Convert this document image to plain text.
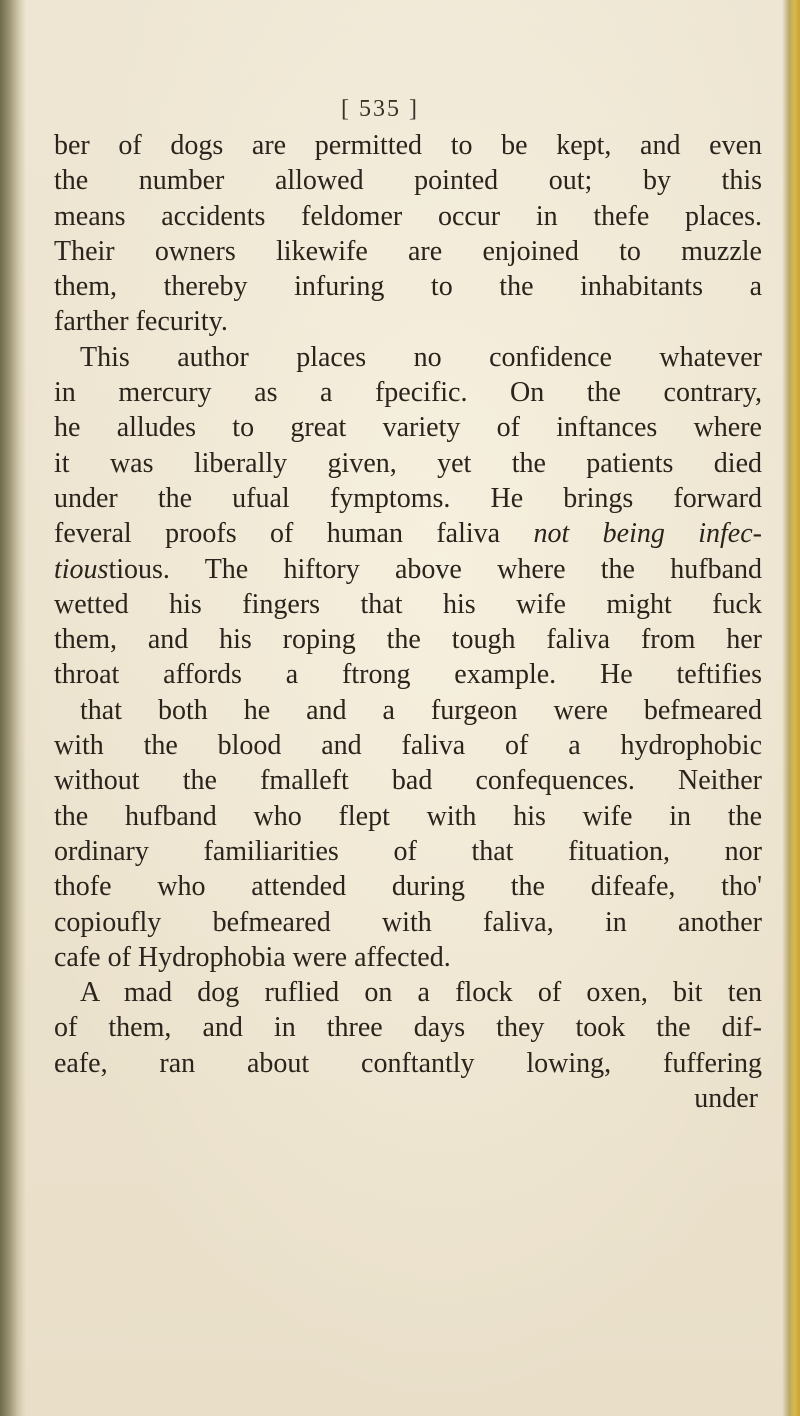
[ 535 ]
ber of dogs are permitted to be kept, and even
the number allowed pointed out; by this
means accidents feldomer occur in thefe places.
Their owners likewife are enjoined to muzzle
them, thereby infuring to the inhabitants a
farther fecurity.
This author places no confidence whatever
in mercury as a fpecific. On the contrary,
he alludes to great variety of inftances where
it was liberally given, yet the patients died
under the ufual fymptoms. He brings forward
feveral proofs of human faliva not being infec-
tioustious. The hiftory above where the hufband
wetted his fingers that his wife might fuck
them, and his roping the tough faliva from her
throat affords a ftrong example. He teftifies
that both he and a furgeon were befmeared
with the blood and faliva of a hydrophobic
without the fmalleft bad confequences. Neither
the hufband who flept with his wife in the
ordinary familiarities of that fituation, nor
thofe who attended during the difeafe, tho'
copioufly befmeared with faliva, in another
cafe of Hydrophobia were affected.
A mad dog ruflied on a flock of oxen, bit ten
of them, and in three days they took the dif-
eafe, ran about conftantly lowing, fuffering
under
